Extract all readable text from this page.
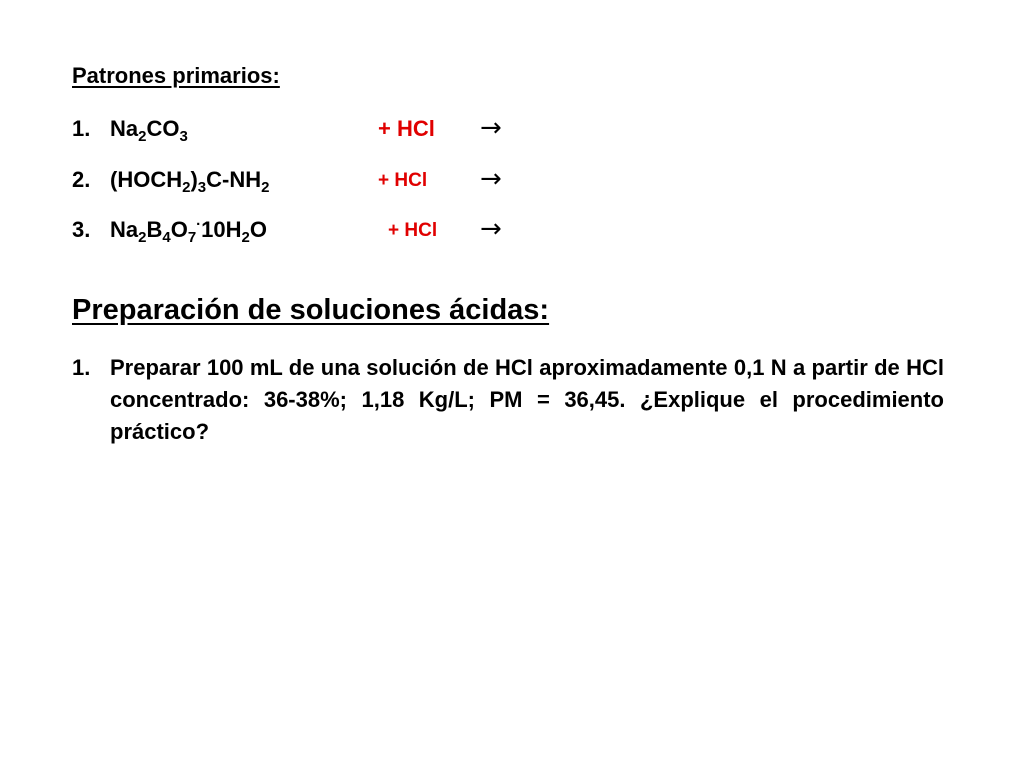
Patrones primarios:
1. $Na_2CO_3$	+ HCl →
2. $(HOCH_2)_3C-NH_2$	+ HCl →
3. $Na_2B_4O_7^\cdot 10H_2O$	+ HCl →
Preparación de soluciones ácidas:
1. Preparar 100 mL de una solución de HCl aproximadamente 0,1 N a partir de HCl concentrado: 36-38%; 1,18 Kg/L; PM = 36,45. ¿Explique el procedimiento práctico?
